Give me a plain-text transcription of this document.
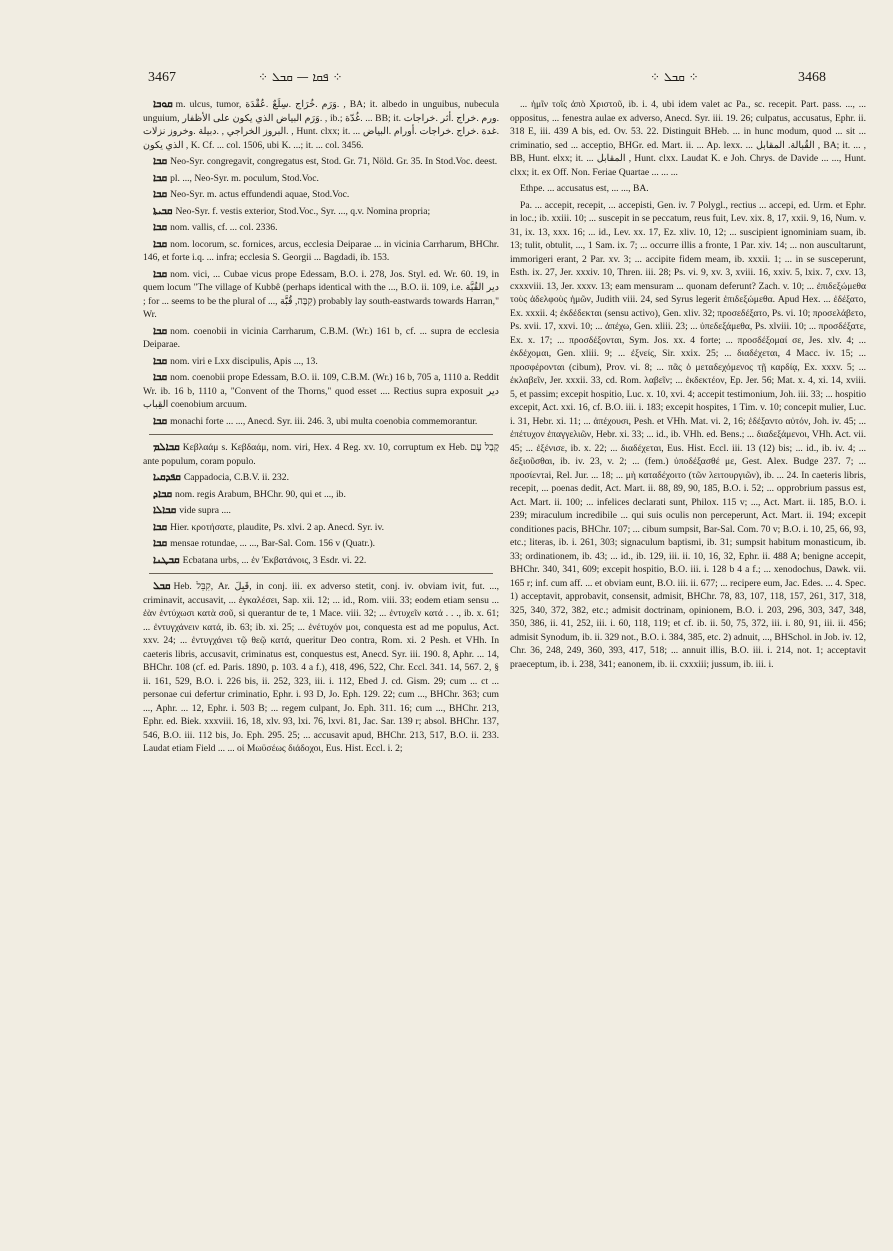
3467	⁘ ܦܩܐ — ܩܒܠ ⁘	⁘ ܩܒܠ ⁘	3468

ܩܘܒܐ m. ulcus, tumor, ‏.وَرَم .خُرَاج .سِلَعٌ .عُقْدَة‏ , BA; it. albedo in unguibus, nubecula unguium, ‏.وَرَم البياض الذي يكون على الأظفار‏ , ib.; ‏.غُدّة‏ ... BB; it. ‏.ورم .خراج .أثر .خراجات .البروز الخراجي‏ , ‏.دبيلة .وخروز نزلات‏ , Hunt. clxx; it. ... ‏.غدة .خراج .خراجات .أورام .البياض الذي يكون‏ , K. Cf. ... col. 1506, ubi K. ...; it. ... col. 3456.

ܩܒܐ Neo-Syr. congregavit, congregatus est, Stod. Gr. 71, Nöld. Gr. 35. In Stod.Voc. deest.

ܩܒܐ pl. ..., Neo-Syr. m. poculum, Stod.Voc.

ܩܒܐ Neo-Syr. m. actus effundendi aquae, Stod.Voc.

ܩܒܝܬܐ Neo-Syr. f. vestis exterior, Stod.Voc., Syr. ..., q.v. Nomina propria;

ܩܒܐ nom. vallis, cf. ... col. 2336.

ܩܒܐ nom. locorum, sc. fornices, arcus, ecclesia Deiparae ... in vicinia Carrharum, BHChr. 146, et forte i.q. ... infra; ecclesia S. Georgii ... Bagdadi, ib. 153.

ܩܒܐ nom. vici, ... Cubae vicus prope Edessam, B.O. i. 278, Jos. Styl. ed. Wr. 60. 19, in quem locum "The village of Kubbê (perhaps identical with the ..., B.O. ii. 109, i.e. ‏دير القُبَّة‏ ; for ... seems to be the plural of ..., ‏קִבָּה‏, ‏قُبَّة‏) probably lay south-eastwards towards Harran," Wr.

ܩܒܐ nom. coenobii in vicinia Carrharum, C.B.M. (Wr.) 161 b, cf. ... supra de ecclesia Deiparae.

ܩܒܐ nom. viri e Lxx discipulis, Apis ..., 13.

ܩܒܐ nom. coenobii prope Edessam, B.O. ii. 109, C.B.M. (Wr.) 16 b, 705 a, 1110 a. Reddit Wr. ib. 16 b, 1110 a, "Convent of the Thorns," quod esset .... Rectius supra exposuit ‏دير القِباب‏ coenobium arcuum.

ܩܒܐ monachi forte ... ..., Anecd. Syr. iii. 246. 3, ubi multa coenobia commemorantur.

ܩܒܐܠܡ Κεβλαάμ s. Κεβδαάμ, nom. viri, Hex. 4 Reg. xv. 10, corruptum ex Heb. ‏קָבָל עָם‏ ante populum, coram populo.

ܩܦܕܩܝܐ Cappadocia, C.B.V. ii. 232.

ܩܒܐܕ nom. regis Arabum, BHChr. 90, qui et ..., ib.

ܩܒܐܠܐ vide supra ....

ܩܒܐ Hier. κροτήσατε, plaudite, Ps. xlvi. 2 ap. Anecd. Syr. iv.

ܩܒܐ mensae rotundae, ... ..., Bar-Sal. Com. 156 v (Quatr.).

ܩܒܛܢܐ Ecbatana urbs, ... ἐν Ἐκβατάνοις, 3 Esdr. vi. 22.

ܩܒܠ Heb. ‏קִבֵּל‏, Ar. ‏قَبِلَ‏, in conj. iii. ex adverso stetit, conj. iv. obviam ivit, fut. ..., criminavit, accusavit, ... ἐγκαλέσει, Sap. xii. 12; ... id., Rom. viii. 33; eodem etiam sensu ... ἐὰν ἐντύχωσι κατὰ σοῦ, si querantur de te, 1 Mace. viii. 32; ... ἐντυχεῖν κατά . . ., ib. x. 61; ... ἐντυγχάνειν κατά, ib. 63; ib. xi. 25; ... ἐνέτυχόν μοι, conquesta est ad me populus, Act. xxv. 24; ... ἐντυγχάνει τῷ θεῷ κατά, queritur Deo contra, Rom. xi. 2 Pesh. et VHh. In caeteris libris, accusavit, criminatus est, conquestus est, Anecd. Syr. iii. 190. 8, Aphr. ... 14, BHChr. 108 (cf. ed. Paris. 1890, p. 103. 4 a f.), 418, 496, 522, Chr. Eccl. 341. 14, 567. 2, § ii. 161, 529, B.O. i. 226 bis, ii. 252, 323, iii. i. 112, Ebed J. cd. Gism. 29; cum ... ct ... personae cui defertur criminatio, Ephr. i. 93 D, Jo. Eph. 129. 22; cum ..., BHChr. 363; cum ..., Aphr. ... 12, Ephr. i. 503 B; ... regem culpant, Jo. Eph. 311. 16; cum ..., BHChr. 213, Ephr. ed. Biek. xxxviii. 16, 18, xlv. 93, lxi. 76, lxvi. 81, Jac. Sar. 139 r; absol. BHChr. 137, 546, B.O. iii. 112 bis, Jo. Eph. 295. 25; ... accusavit apud, BHChr. 213, 517, B.O. ii. 233. Laudat etiam Field ... ... οἱ Μωϋσέως διάδοχοι, Eus. Hist. Eccl. i. 2;

... ἡμῖν τοῖς ἀπὸ Χριστοῦ, ib. i. 4, ubi idem valet ac Pa., sc. recepit. Part. pass. ..., ... oppositus, ... fenestra aulae ex adverso, Anecd. Syr. iii. 19. 26; culpatus, accusatus, Ephr. ii. 318 E, iii. 439 A bis, ed. Ov. 53. 22. Distinguit BHeb. ... in hunc modum, quod ... sit ... criminatio, sed ... acceptio, BHGr. ed. Mart. ii. ... Ap. lexx. ... ‏القُبالة. المقابل‏ , BA; it. ... , BB, Hunt. elxx; it. ... ‏المقابل‏ , Hunt. clxx. Laudat K. e Joh. Chrys. de Davide ... ..., Hunt. clxx; it. ex Off. Non. Feriae Quartae ... ... ...

Ethpe. ... accusatus est, ... ..., BA.

Pa. ... accepit, recepit, ... accepisti, Gen. iv. 7 Polygl., rectius ... accepi, ed. Urm. et Ephr. in loc.; ib. xxiii. 10; ... suscepit in se peccatum, reus fuit, Lev. xix. 8, 17, xxii. 9, 16, Num. v. 31, ix. 13, xxx. 16; ... id., Lev. xx. 17, Ez. xliv. 10, 12; ... suscipient ignominiam suam, ib. 13; tulit, obtulit, ..., 1 Sam. ix. 7; ... occurre illis a fronte, 1 Par. xiv. 14; ... non auscultarunt, immorigeri erant, 2 Par. xv. 3; ... accipite fidem meam, ib. xxxii. 1; ... in se susceperunt, Esth. ix. 27, Jer. xxxiv. 10, Thren. iii. 28; Ps. vi. 9, xv. 3, xviii. 16, xxiv. 5, lxix. 7, cxv. 13, cxxxviii. 13, Jer. xxxv. 13; eam mensuram ... quonam deferunt? Zach. v. 10; ... ἐπιδεξώμεθα τοὺς ἀδελφοὺς ἡμῶν, Judith viii. 24, sed Syrus legerit ἐπιδεξώμεθα. Apud Hex. ... ἐδέξατο, Ex. xxxii. 4; ἐκδέδεκται (sensu activo), Gen. xliv. 32; προσεδέξατο, Ps. vi. 10; προσελάβετο, Ps. xvii. 17, xxvi. 10; ... ἀπέχω, Gen. xliii. 23; ... ὑπεδεξάμεθα, Ps. xlviii. 10; ... προσδέξατε, Ex. x. 17; ... προσδέξονται, Sym. Jos. xx. 4 forte; ... προσδέξομαί σε, Jes. xlv. 4; ... ἐκδέχομαι, Gen. xliii. 9; ... ἐξνείς, Sir. xxix. 25; ... διαδέχεται, 4 Macc. iv. 15; ... προσφέρονται (cibum), Prov. vi. 8; ... πᾶς ὁ μεταδεχόμενος τῇ καρδίᾳ, Ex. xxxv. 5; ... ἐκλαβεῖν, Jer. xxxii. 33, cd. Rom. λαβεῖν; ... ἐκδεκτέον, Ep. Jer. 56; Mat. x. 4, xi. 14, xviii. 5, et passim; excepit hospitio, Luc. x. 10, xvi. 4; accepit testimonium, Joh. iii. 33; ... hospitio excepit, Act. xxi. 16, cf. B.O. iii. i. 183; excepit hospites, 1 Tim. v. 10; concepit mulier, Luc. i. 31, Hebr. xi. 11; ... ἀπέχουσι, Pesh. et VHh. Mat. vi. 2, 16; ἐδέξαντο αὐτόν, Joh. iv. 45; ... ἐπέτυχον ἐπαγγελιῶν, Hebr. xi. 33; ... id., ib. VHh. ed. Bens.; ... διαδεξάμενοι, VHh. Act. vii. 45; ... ἐξένισε, ib. x. 22; ... διαδέχεται, Eus. Hist. Eccl. iii. 13 (12) bis; ... id., ib. iv. 4; ... δεξιοῦσθαι, ib. iv. 23, v. 2; ... (fem.) ὑποδέξασθέ με, Gest. Alex. Budge 237. 7; ... προσίεντai, Rel. Jur. ... 18; ... μὴ καταδέχοιτο (τῶν λειτουργιῶν), ib. ... 24. In caeteris libris, recepit, ... poenas dedit, Act. Mart. ii. 88, 89, 90, 185, B.O. i. 52; ... opprobrium passus est, Act. Mart. ii. 100; ... infelices declarati sunt, Philox. 115 v; ..., Act. Mart. ii. 185, B.O. i. 239; miraculum incredibile ... qui suis oculis non perceperunt, Act. Mart. ii. 194; excepit conditiones pacis, BHChr. 107; ... cibum sumpsit, Bar-Sal. Com. 70 v; B.O. i. 10, 25, 66, 93, etc.; literas, ib. i. 261, 303; signaculum baptismi, ib. 31; sumpsit habitum monasticum, ib. 33; ordinationem, ib. 43; ... id., ib. 129, iii. ii. 10, 16, 32, Ephr. ii. 488 A; benigne accepit, BHChr. 340, 341, 609; excepit hospitio, B.O. iii. i. 128 b 4 a f.; ... xenodochus, Dawk. vii. 165 r; inf. cum aff. ... et obviam eunt, B.O. iii. ii. 677; ... recipere eum, Jac. Edes. ... 4. Spec. 1) acceptavit, approbavit, consensit, admisit, BHChr. 78, 83, 107, 118, 157, 261, 317, 318, 325, 340, 372, 382, etc.; admisit doctrinam, opinionem, B.O. i. 203, 296, 303, 347, 348, 350, 386, ii. 41, 252, iii. i. 60, 118, 119; et cf. ib. ii. 50, 75, 372, iii. i. 80, 91, iii. ii. 456; admisit Synodum, ib. ii. 329 not., B.O. i. 384, 385, etc. 2) adnuit, ..., BHSchol. in Job. iv. 12, Chr. 36, 248, 249, 360, 393, 417, 518; ... annuit illis, B.O. iii. i. 214, not. 1; acceptavit praeceptum, ib. i. 238, 341; eanonem, ib. ii. cxxxiii; jussum, ib. iii. i.
